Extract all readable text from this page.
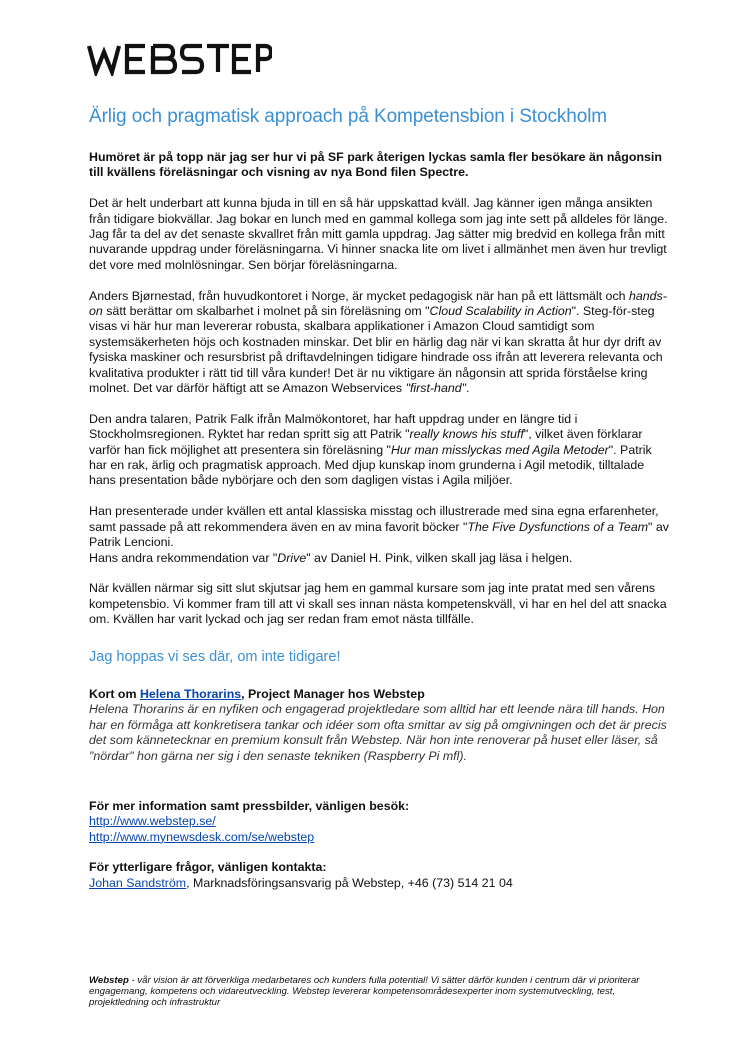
Ärlig och pragmatisk approach på Kompetensbion i Stockholm

Humöret är på topp när jag ser hur vi på SF park återigen lyckas samla fler besökare än någonsin till kvällens föreläsningar och visning av nya Bond filen Spectre.

Det är helt underbart att kunna bjuda in till en så här uppskattad kväll. Jag känner igen många ansikten från tidigare biokvällar. Jag bokar en lunch med en gammal kollega som jag inte sett på alldeles för länge. Jag får ta del av det senaste skvallret från mitt gamla uppdrag. Jag sätter mig bredvid en kollega från mitt nuvarande uppdrag under föreläsningarna. Vi hinner snacka lite om livet i allmänhet men även hur trevligt det vore med molnlösningar. Sen börjar föreläsningarna.

Anders Bjørnestad, från huvudkontoret i Norge, är mycket pedagogisk när han på ett lättsmält och hands-on sätt berättar om skalbarhet i molnet på sin föreläsning om "Cloud Scalability in Action". Steg-för-steg visas vi här hur man levererar robusta, skalbara applikationer i Amazon Cloud samtidigt som systemsäkerheten höjs och kostnaden minskar. Det blir en härlig dag när vi kan skratta åt hur dyr drift av fysiska maskiner och resursbrist på driftavdelningen tidigare hindrade oss ifrån att leverera relevanta och kvalitativa produkter i rätt tid till våra kunder! Det är nu viktigare än någonsin att sprida förståelse kring molnet. Det var därför häftigt att se Amazon Webservices "first-hand".

Den andra talaren, Patrik Falk ifrån Malmökontoret, har haft uppdrag under en längre tid i Stockholmsregionen. Ryktet har redan spritt sig att Patrik "really knows his stuff", vilket även förklarar varför han fick möjlighet att presentera sin föreläsning "Hur man misslyckas med Agila Metoder". Patrik har en rak, ärlig och pragmatisk approach. Med djup kunskap inom grunderna i Agil metodik, tilltalade hans presentation både nybörjare och den som dagligen vistas i Agila miljöer.

Han presenterade under kvällen ett antal klassiska misstag och illustrerade med sina egna erfarenheter, samt passade på att rekommendera även en av mina favorit böcker "The Five Dysfunctions of a Team" av Patrik Lencioni.
Hans andra rekommendation var "Drive" av Daniel H. Pink, vilken skall jag läsa i helgen.

När kvällen närmar sig sitt slut skjutsar jag hem en gammal kursare som jag inte pratat med sen vårens kompetensbio. Vi kommer fram till att vi skall ses innan nästa kompetenskväll, vi har en hel del att snacka om. Kvällen har varit lyckad och jag ser redan fram emot nästa tillfälle.

Jag hoppas vi ses där, om inte tidigare!

Kort om Helena Thorarins, Project Manager hos Webstep
Helena Thorarins är en nyfiken och engagerad projektledare som alltid har ett leende nära till hands. Hon har en förmåga att konkretisera tankar och idéer som ofta smittar av sig på omgivningen och det är precis det som kännetecknar en premium konsult från Webstep. När hon inte renoverar på huset eller läser, så "nördar" hon gärna ner sig i den senaste tekniken (Raspberry Pi mfl).

För mer information samt pressbilder, vänligen besök:
http://www.webstep.se/
http://www.mynewsdesk.com/se/webstep

För ytterligare frågor, vänligen kontakta:
Johan Sandström, Marknadsföringsansvarig på Webstep, +46 (73) 514 21 04

Webstep - vår vision är att förverkliga medarbetares och kunders fulla potential! Vi sätter därför kunden i centrum där vi prioriterar engagemang, kompetens och vidareutveckling. Webstep levererar kompetensområdesexperter inom systemutveckling, test, projektledning och infrastruktur
